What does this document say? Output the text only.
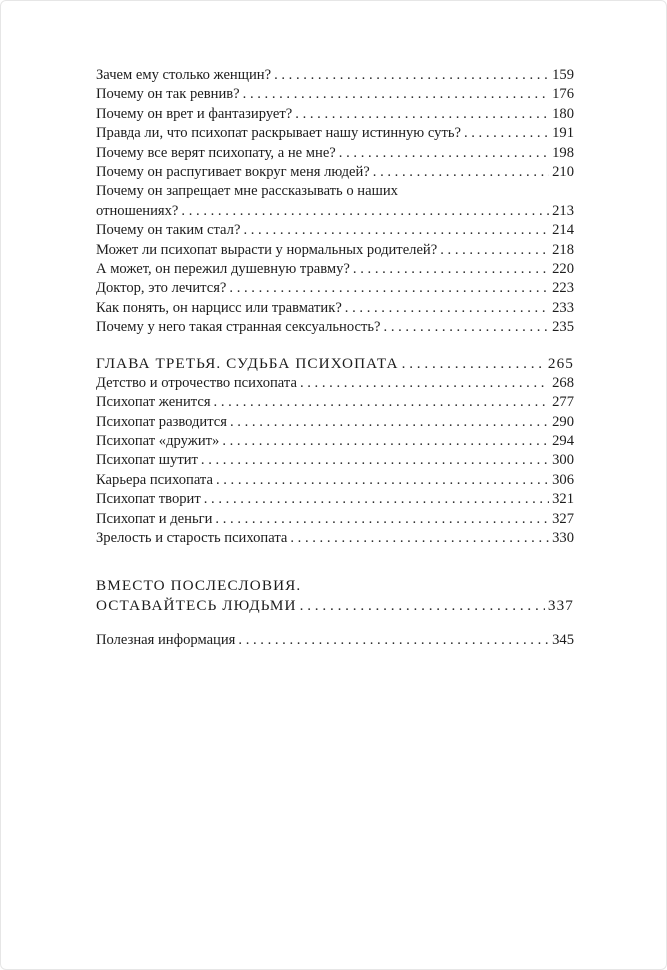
Зачем ему столько женщин? . . .	159
Почему он так ревнив? . . .	176
Почему он врет и фантазирует? . . .	180
Правда ли, что психопат раскрывает нашу истинную суть? . . .	191
Почему все верят психопату, а не мне? . . .	198
Почему он распугивает вокруг меня людей? . . .	210
Почему он запрещает мне рассказывать о наших
отношениях? . . .	213
Почему он таким стал? . . .	214
Может ли психопат вырасти у нормальных родителей? . . .	218
А может, он пережил душевную травму? . . .	220
Доктор, это лечится? . . .	223
Как понять, он нарцисс или травматик? . . .	233
Почему у него такая странная сексуальность? . . .	235
ГЛАВА ТРЕТЬЯ. СУДЬБА ПСИХОПАТА . . .	265
Детство и отрочество психопата . . .	268
Психопат женится . . .	277
Психопат разводится . . .	290
Психопат «дружит» . . .	294
Психопат шутит . . .	300
Карьера психопата . . .	306
Психопат творит . . .	321
Психопат и деньги . . .	327
Зрелость и старость психопата . . .	330
ВМЕСТО ПОСЛЕСЛОВИЯ.
ОСТАВАЙТЕСЬ ЛЮДЬМИ . . .	337
Полезная информация . . .	345
